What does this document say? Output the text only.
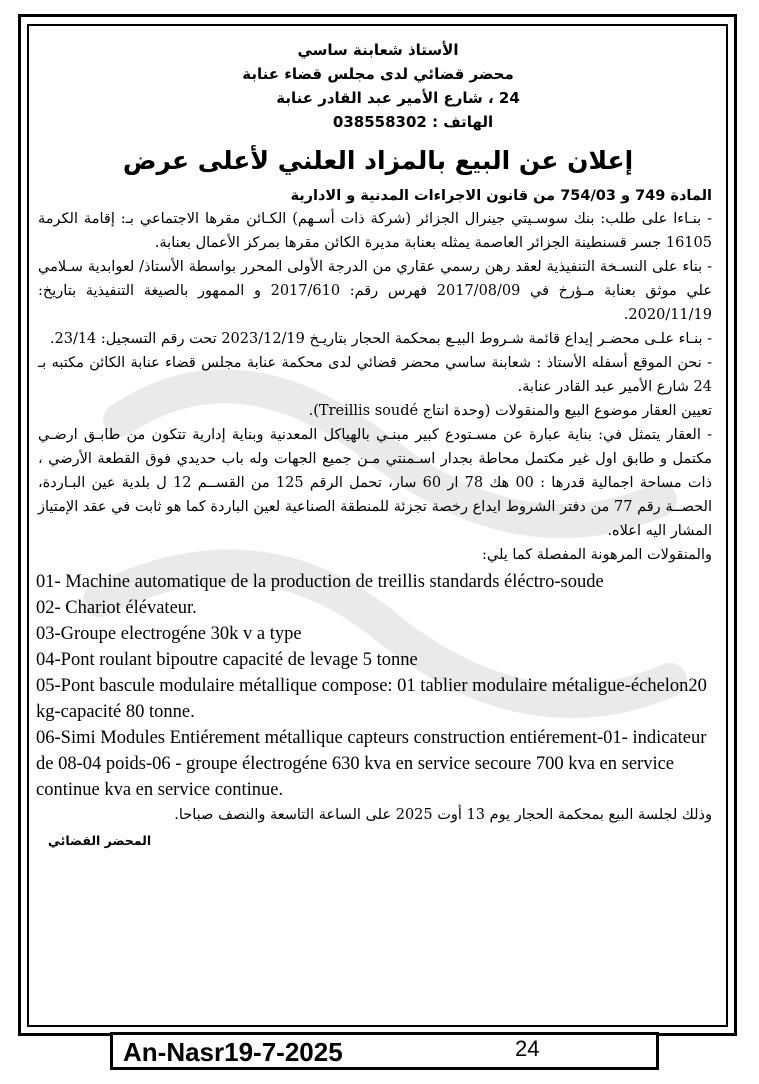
الأستاذ شعابنة ساسي
محضر قضائي لدى مجلس قضاء عنابة
24 ، شارع الأمير عبد القادر عنابة
الهاتف : 038558302
إعلان عن البيع بالمزاد العلني لأعلى عرض
المادة 749 و 754/03 من قانون الاجراءات المدنية و الادارية

- بنـاءا على طلب: بنك سوسـيتي جينرال الجزائر (شركة ذات أسـهم) الكـائن مقرها الاجتماعي بـ: إقامة الكرمة 16105 جسر قسنطينة الجزائر العاصمة يمثله بعنابة مديرة الكائن مقرها بمركز الأعمال بعنابة.

- بناء على النسـخة التنفيذية لعقد رهن رسمي عقاري من الدرجة الأولى المحرر بواسطة الأستاذ/ لعوابدية سـلامي علي موثق بعنابة مـؤرخ في 2017/08/09 فهرس رقم: 2017/610 و الممهور بالصيغة التنفيذية بتاريخ: 2020/11/19.

- بنـاء علـى محضـر إيداع قائمة شـروط البيـع بمحكمة الحجار بتاريـخ 2023/12/19 تحت رقم التسجيل: 23/14.

- نحن الموقع أسفله الأستاذ : شعابنة ساسي محضر قضائي لدى محكمة عنابة مجلس قضاء عنابة الكائن مكتبه بـ 24 شارع الأمير عبد القادر عنابة.

تعيين العقار موضوع البيع والمنقولات (وحدة انتاج Treillis soudé).

- العقار يتمثل في: بناية عبارة عن مسـتودع كبير مبنـي بالهياكل المعدنية وبناية إدارية تتكون من طابـق ارضـي مكتمل و طابق اول غير مكتمل محاطة بجدار اسـمنتي مـن جميع الجهات وله باب حديدي فوق القطعة الأرضي ، ذات مساحة اجمالية قدرها : 00 هك 78 ار 60 سار، تحمل الرقم 125 من القســم 12 ل بلدية عين البـاردة، الحصــة رقم 77 من دفتر الشروط ايداع رخصة تجزئة للمنطقة الصناعية لعين الباردة كما هو ثابت في عقد الإمتياز المشار اليه اعلاه.

والمنقولات المرهونة المفصلة كما يلي:

01- Machine automatique de la production de treillis standards éléctro-soude

02- Chariot élévateur.

03-Groupe electrogéne 30k v a type

04-Pont roulant bipoutre capacité de levage 5 tonne

05-Pont bascule modulaire métallique compose: 01 tablier modulaire métaligue-échelon20 kg-capacité 80 tonne.

06-Simi Modules Entiérement métallique capteurs construction entiérement-01- indicateur de 08-04 poids-06 - groupe électrogéne 630 kva en service secoure 700 kva en service continue kva en service continue.

وذلك لجلسة البيع بمحكمة الحجار يوم 13 أوت 2025 على الساعة التاسعة والنصف صباحا.
المحضر القضائي
An-Nasr19-7-2025	24
